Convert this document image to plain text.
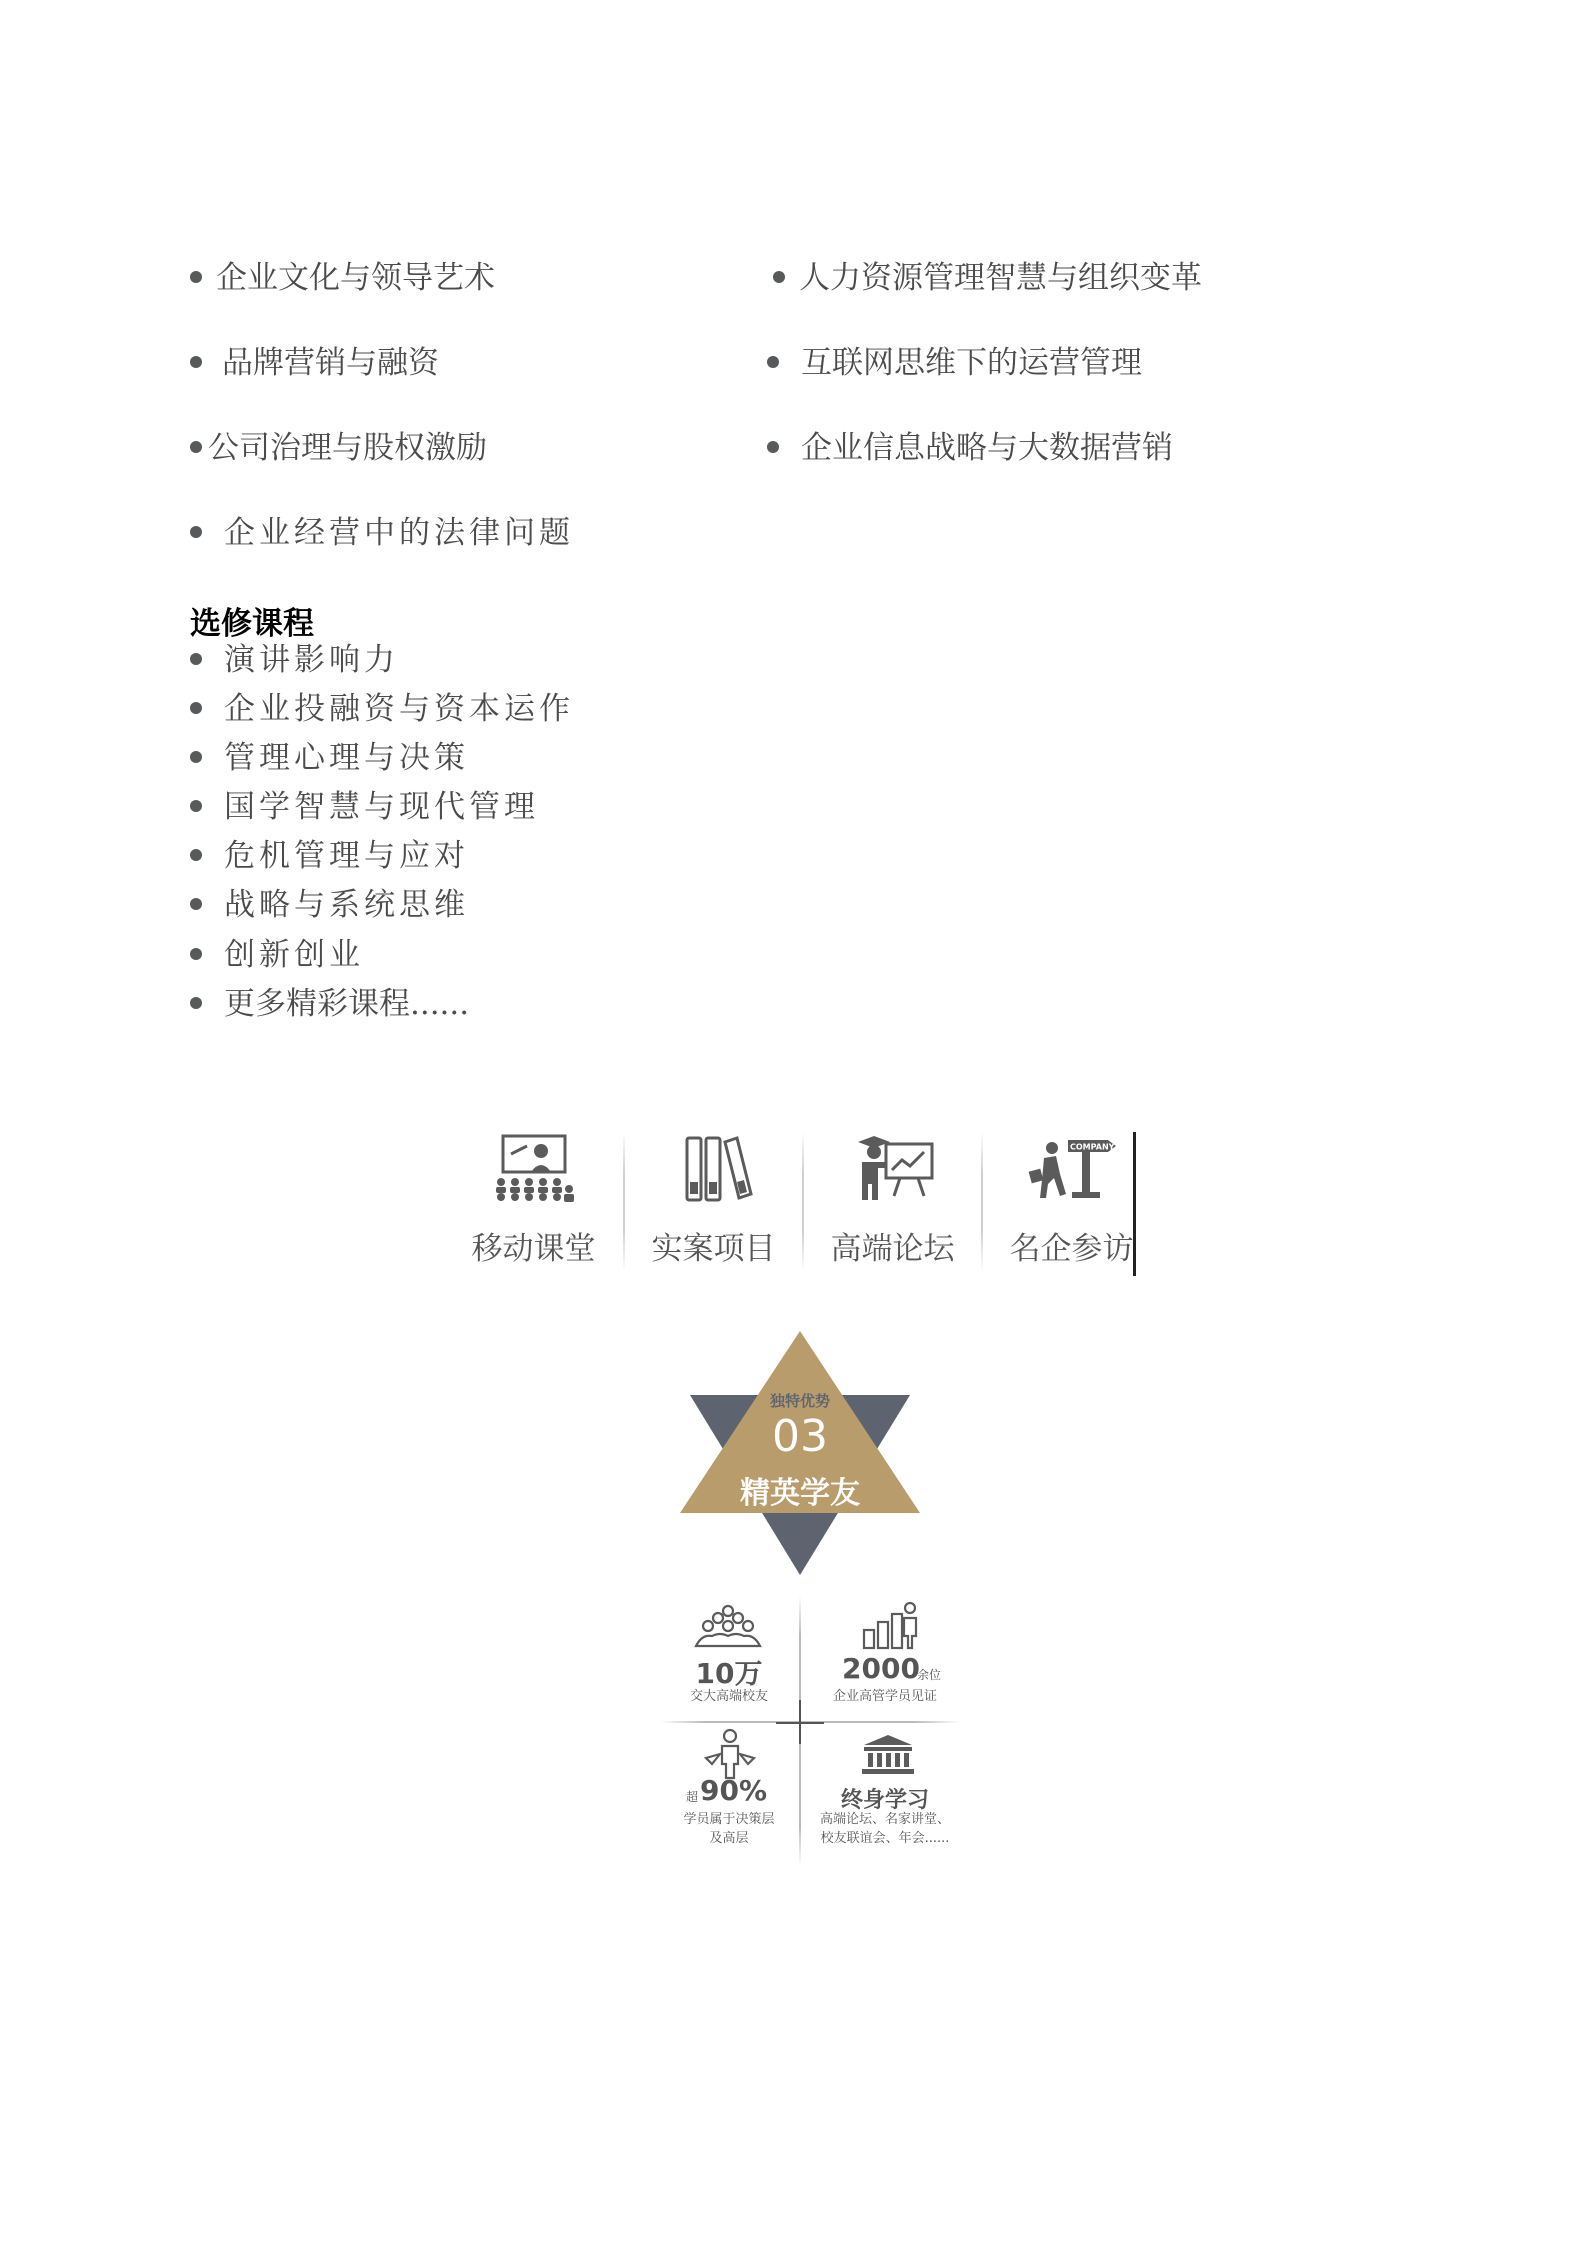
企业文化与领导艺术
品牌营销与融资
公司治理与股权激励
企业经营中的法律问题
人力资源管理智慧与组织变革
互联网思维下的运营管理
企业信息战略与大数据营销
选修课程
演讲影响力
企业投融资与资本运作
管理心理与决策
国学智慧与现代管理
危机管理与应对
战略与系统思维
创新创业
更多精彩课程......
移动课堂	实案项目	高端论坛
COMPANY
名企参访
独特优势
03
精英学友
10万
交大高端校友
2000
余位
企业高管学员见证
超 90%
学员属于决策层
及高层
终身学习
高端论坛、名家讲堂、
校友联谊会、年会......
